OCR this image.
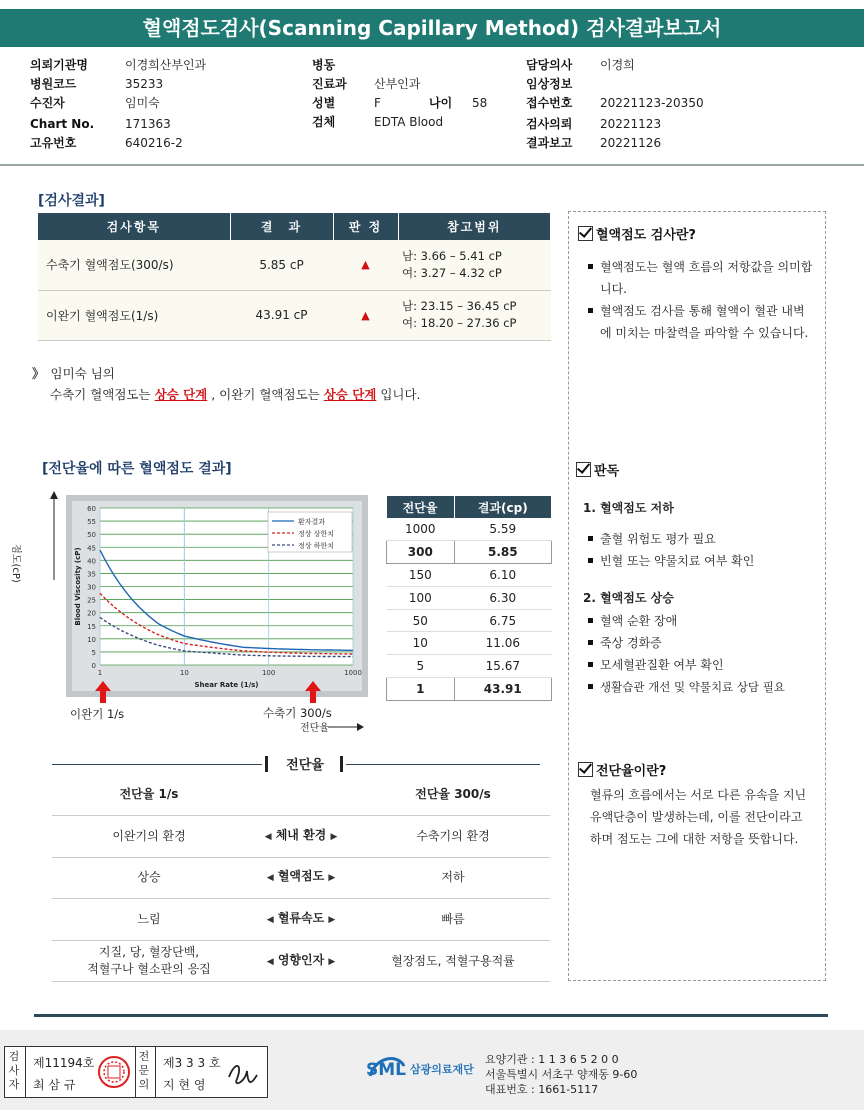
혈액점도검사(Scanning Capillary Method) 검사결과보고서
의뢰기관명	이경희산부인과
병원코드	35233
수진자	임미숙
Chart No.	171363
고유번호	640216-2
병동
진료과	산부인과
성별	F	나이	58
검체	EDTA Blood
담당의사	이경희
임상정보
접수번호	20221123-20350
검사의뢰	20221123
결과보고	20221126
[검사결과]
검사항목	결　과	판 정	참고범위
수축기 혈액점도(300/s)	5.85 cP	▲	남: 3.66 – 5.41 cP
여: 3.27 – 4.32 cP

이완기 혈액점도(1/s)	43.91 cP	▲	남: 23.15 – 36.45 cP
여: 18.20 – 27.36 cP
》 임미숙 님의
수축기 혈액점도는 상승 단계 , 이완기 혈액점도는 상승 단계 입니다.
[전단율에 따른 혈액점도 결과]
0
5
10
15
20
25
30
35
40
45
50
55
60
1	10	100	1000
Shear Rate (1/s)
Blood Viscosity (cP)
환자결과
정상 상한치
정상 하한치
점도(cP)
이완기 1/s	수축기 300/s
전단율
전단율	결과(cp)
1000	5.59
300	5.85
150	6.10
100	6.30
50	6.75
10	11.06
5	15.67
1	43.91
전단율
전단율 1/s		전단율 300/s
이완기의 환경	◀ 체내 환경 ▶	수축기의 환경
상승	◀ 혈액점도 ▶	저하
느림	◀ 혈류속도 ▶	빠름
지질, 당, 혈장단백,
적혈구나 혈소판의 응집	◀ 영향인자 ▶	혈장점도, 적혈구용적률
혈액점도 검사란?
혈액점도는 혈액 흐름의 저항값을 의미합니다.
혈액점도 검사를 통해 혈액이 혈관 내벽에 미치는 마찰력을 파악할 수 있습니다.
판독
1. 혈액점도 저하
출혈 위험도 평가 필요
빈혈 또는 약물치료 여부 확인
2. 혈액점도 상승
혈액 순환 장애
죽상 경화증
모세혈관질환 여부 확인
생활습관 개선 및 약물치료 상담 필요
전단율이란?
혈류의 흐름에서는 서로 다른 유속을 지닌 유액단층이 발생하는데, 이를 전단이라고 하며 점도는 그에 대한 저항을 뜻합니다.
검사자
제11194호
최 삼 규
전문의
제3 3 3 호
지 현 영
SML 삼광의료재단
요양기관 : 1 1 3 6 5 2 0 0
서울특별시 서초구 양재동 9-60
대표번호 : 1661-5117
